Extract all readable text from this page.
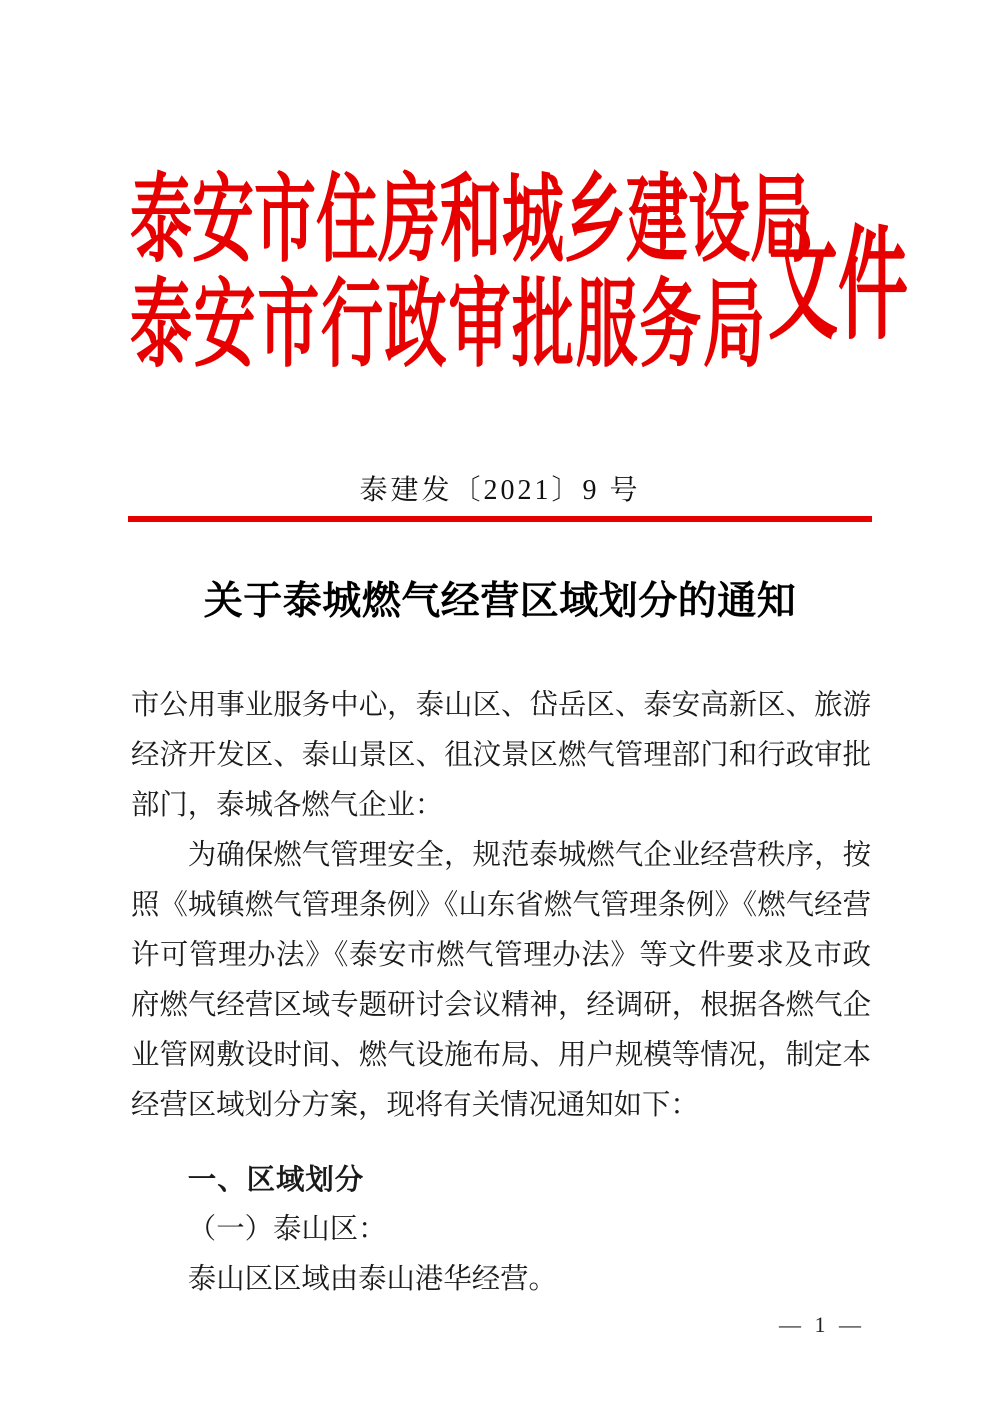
泰安市住房和城乡建设局
泰安市行政审批服务局 文件
泰建发〔2021〕9 号
关于泰城燃气经营区域划分的通知

市公用事业服务中心，泰山区、岱岳区、泰安高新区、旅游经济开发区、泰山景区、徂汶景区燃气管理部门和行政审批部门，泰城各燃气企业：

为确保燃气管理安全，规范泰城燃气企业经营秩序，按照《城镇燃气管理条例》《山东省燃气管理条例》《燃气经营许可管理办法》《泰安市燃气管理办法》等文件要求及市政府燃气经营区域专题研讨会议精神，经调研，根据各燃气企业管网敷设时间、燃气设施布局、用户规模等情况，制定本经营区域划分方案，现将有关情况通知如下：

一、区域划分

（一）泰山区：

泰山区区域由泰山港华经营。

— 1 —
